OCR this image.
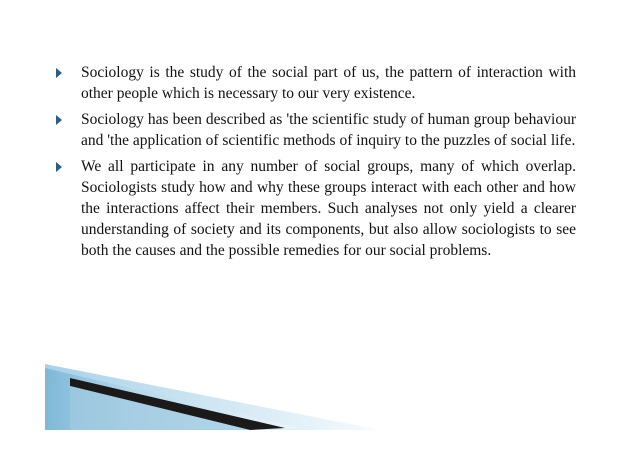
Sociology is the study of the social part of us, the pattern of interaction with other people which is necessary to our very existence.
Sociology has been described as 'the scientific study of human group behaviour and 'the application of scientific methods of inquiry to the puzzles of social life.
We all participate in any number of social groups, many of which overlap. Sociologists study how and why these groups interact with each other and how the interactions affect their members. Such analyses not only yield a clearer understanding of society and its components, but also allow sociologists to see both the causes and the possible remedies for our social problems.
